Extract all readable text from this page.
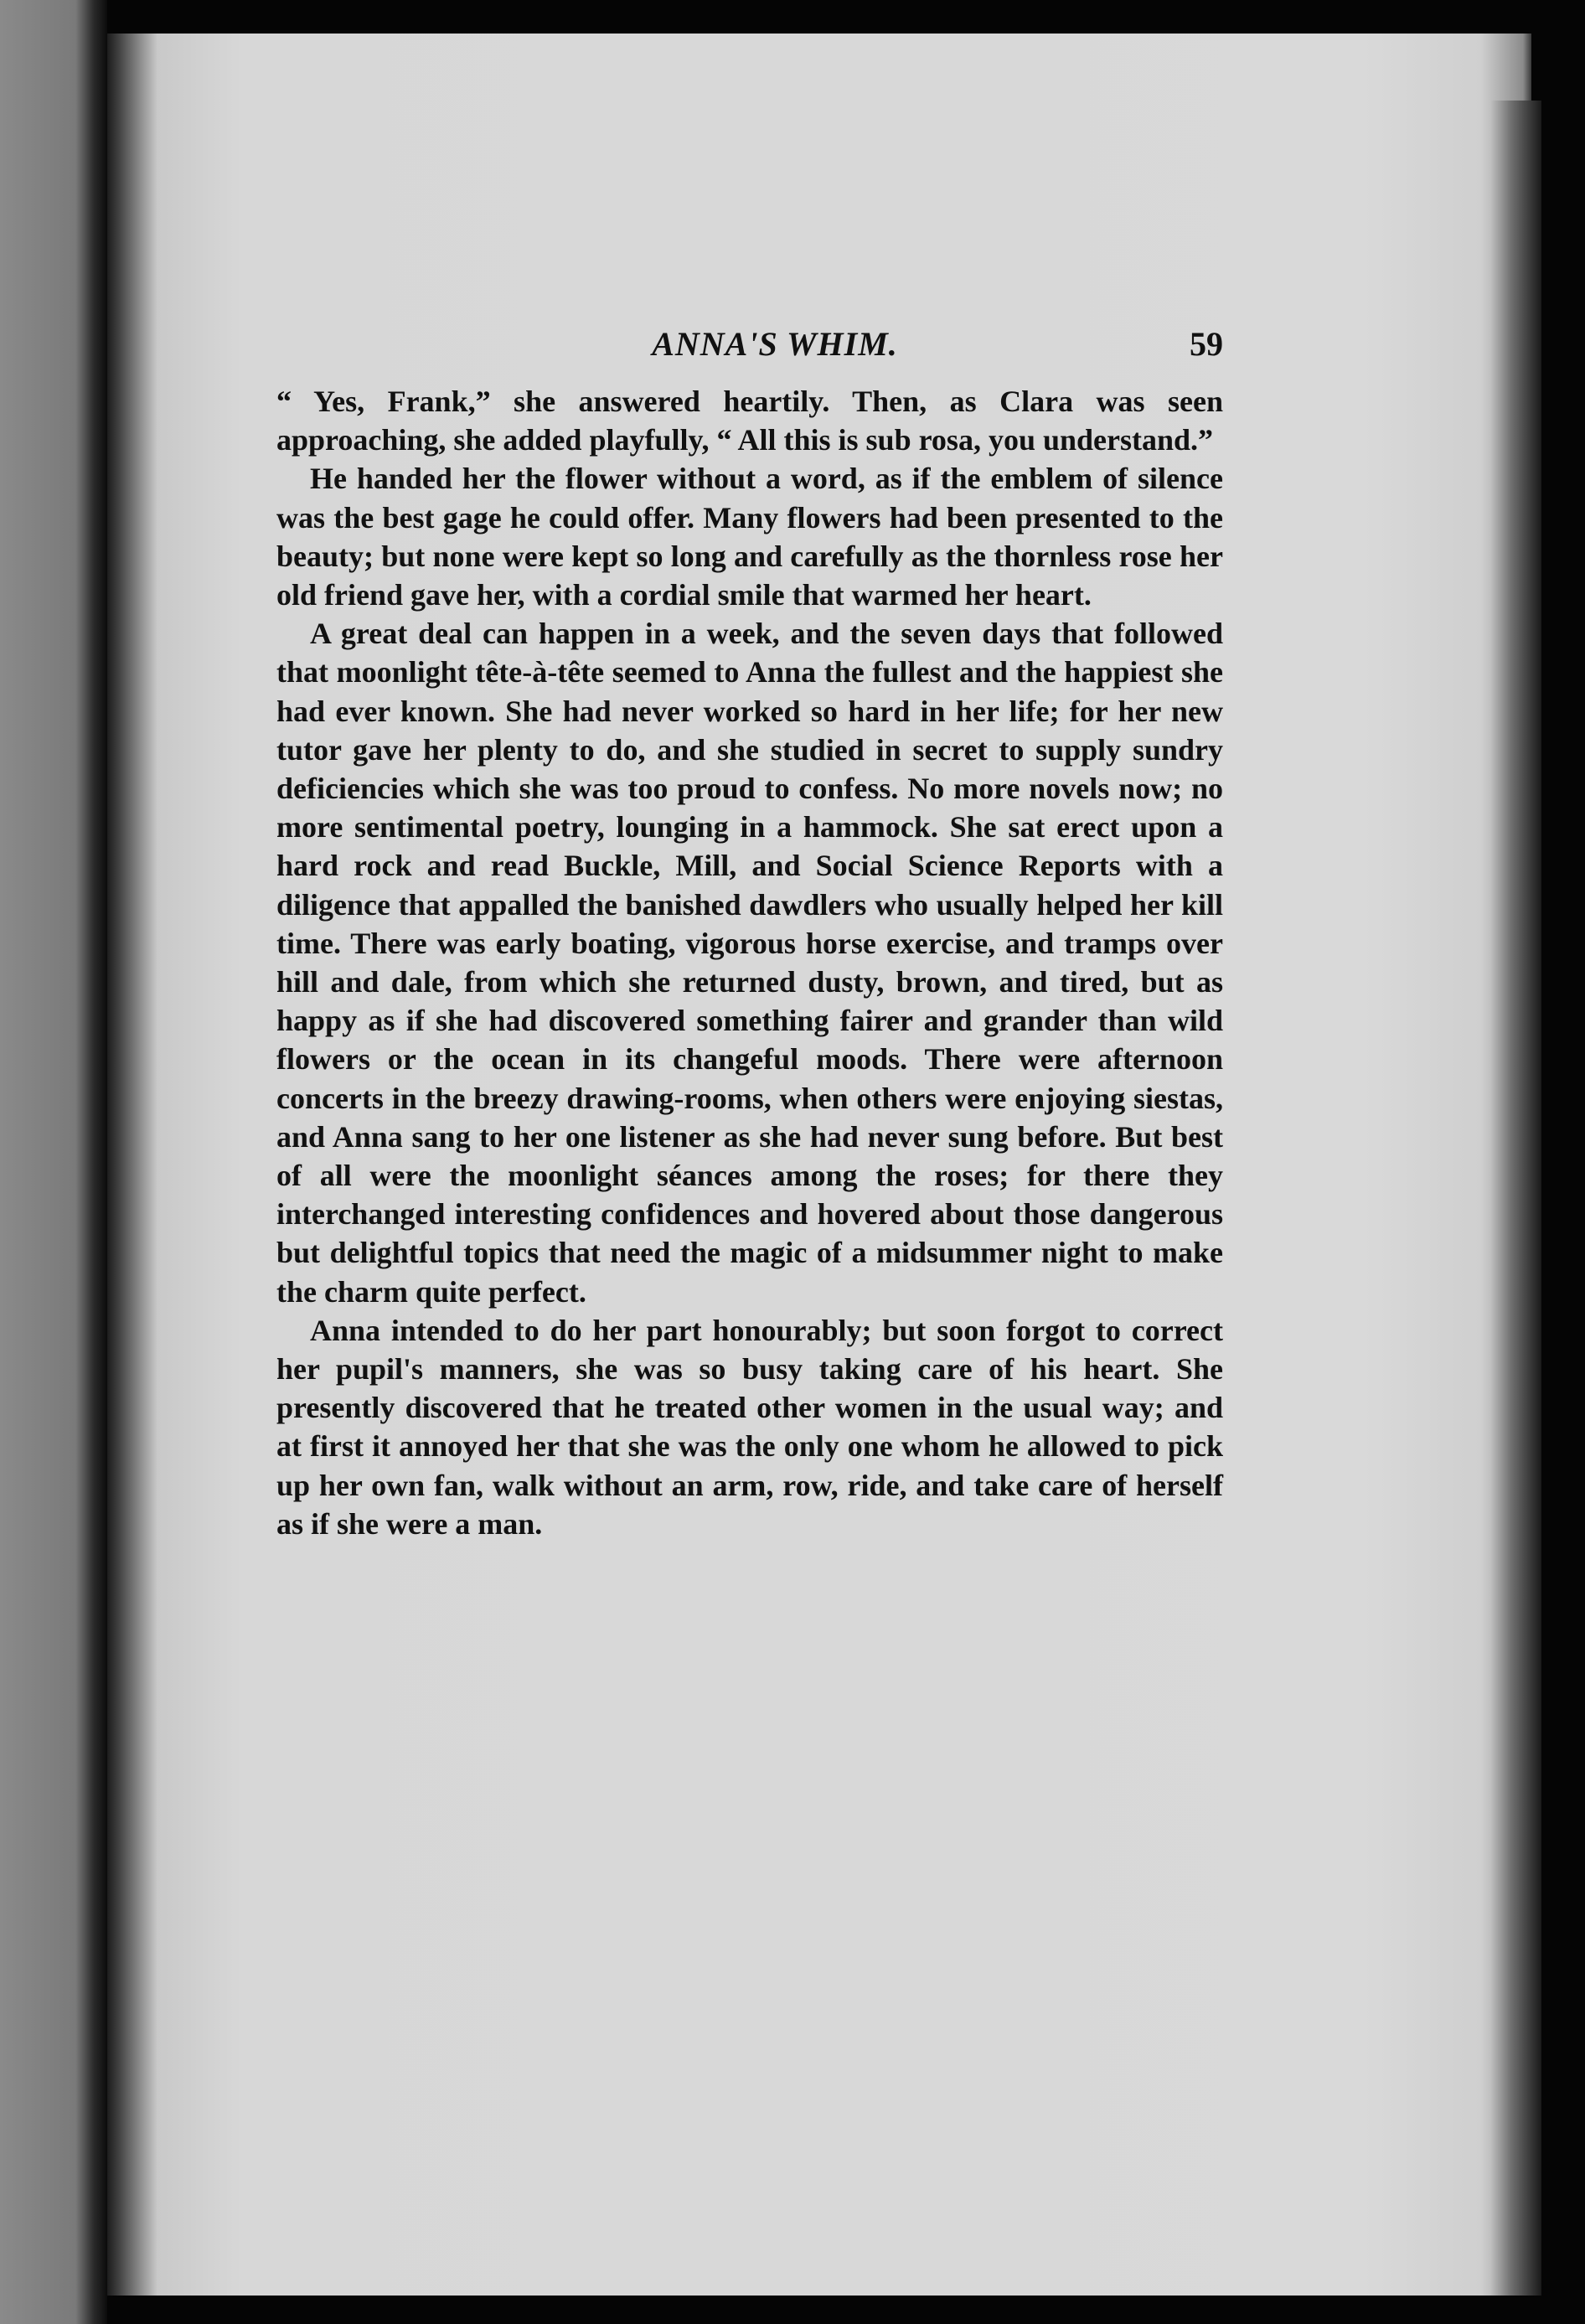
ANNA'S WHIM.	59

“ Yes, Frank,” she answered heartily. Then, as Clara was seen approaching, she added playfully, “ All this is sub rosa, you understand.”

He handed her the flower without a word, as if the emblem of silence was the best gage he could offer. Many flowers had been presented to the beauty; but none were kept so long and carefully as the thornless rose her old friend gave her, with a cordial smile that warmed her heart.

A great deal can happen in a week, and the seven days that followed that moonlight tête-à-tête seemed to Anna the fullest and the happiest she had ever known. She had never worked so hard in her life; for her new tutor gave her plenty to do, and she studied in secret to supply sundry deficiencies which she was too proud to confess. No more novels now; no more sentimental poetry, lounging in a hammock. She sat erect upon a hard rock and read Buckle, Mill, and Social Science Reports with a diligence that appalled the banished dawdlers who usually helped her kill time. There was early boating, vigorous horse exercise, and tramps over hill and dale, from which she returned dusty, brown, and tired, but as happy as if she had discovered something fairer and grander than wild flowers or the ocean in its changeful moods. There were afternoon concerts in the breezy drawing-rooms, when others were enjoying siestas, and Anna sang to her one listener as she had never sung before. But best of all were the moonlight séances among the roses; for there they interchanged interesting confidences and hovered about those dangerous but delightful topics that need the magic of a midsummer night to make the charm quite perfect.

Anna intended to do her part honourably; but soon forgot to correct her pupil's manners, she was so busy taking care of his heart. She presently discovered that he treated other women in the usual way; and at first it annoyed her that she was the only one whom he allowed to pick up her own fan, walk without an arm, row, ride, and take care of herself as if she were a man.
